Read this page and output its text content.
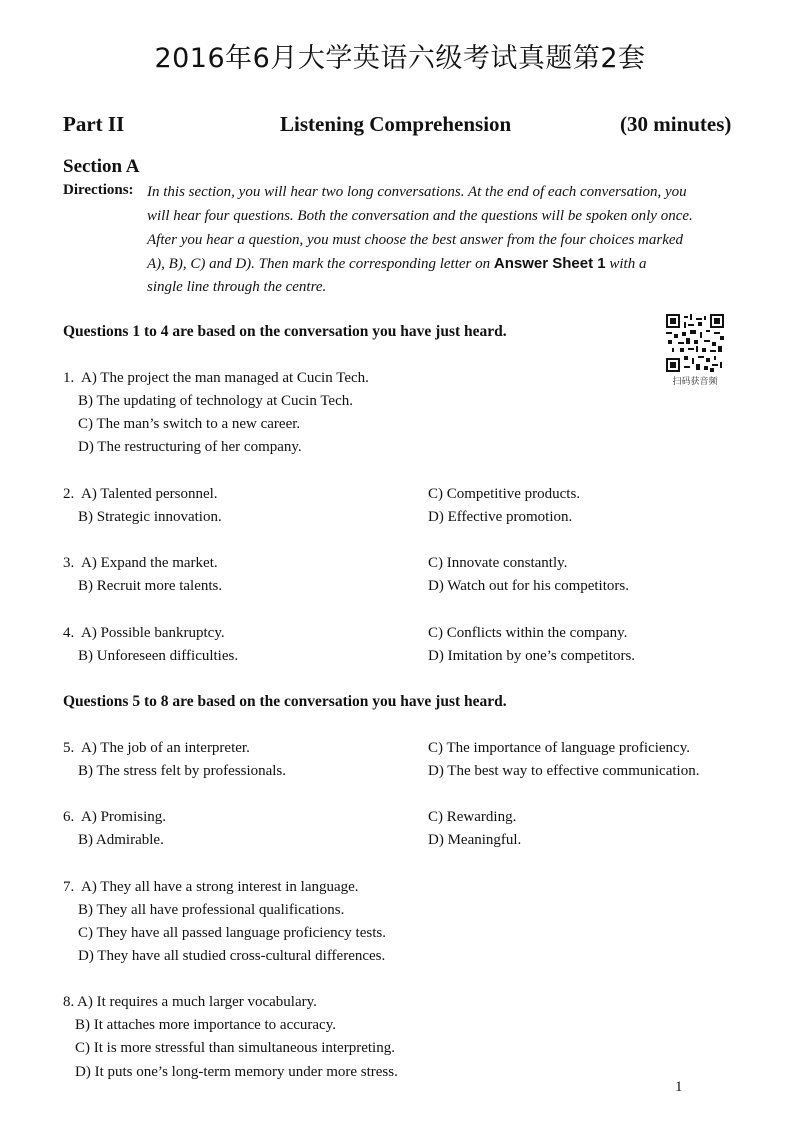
2016年6月大学英语六级考试真题第2套
Part II	Listening Comprehension	(30 minutes)
Section A
Directions: In this section, you will hear two long conversations. At the end of each conversation, you
will hear four questions. Both the conversation and the questions will be spoken only once.
After you hear a question, you must choose the best answer from the four choices marked
A), B), C) and D). Then mark the corresponding letter on Answer Sheet 1 with a
single line through the centre.
Questions 1 to 4 are based on the conversation you have just heard.
扫码获音频
1. A) The project the man managed at Cucin Tech.
B) The updating of technology at Cucin Tech.
C) The man’s switch to a new career.
D) The restructuring of her company.
2. A) Talented personnel.	C) Competitive products.
B) Strategic innovation.	D) Effective promotion.
3. A) Expand the market.	C) Innovate constantly.
B) Recruit more talents.	D) Watch out for his competitors.
4. A) Possible bankruptcy.	C) Conflicts within the company.
B) Unforeseen difficulties.	D) Imitation by one’s competitors.
Questions 5 to 8 are based on the conversation you have just heard.
5. A) The job of an interpreter.	C) The importance of language proficiency.
B) The stress felt by professionals.	D) The best way to effective communication.
6. A) Promising.	C) Rewarding.
B) Admirable.	D) Meaningful.
7. A) They all have a strong interest in language.
B) They all have professional qualifications.
C) They have all passed language proficiency tests.
D) They have all studied cross-cultural differences.
8. A) It requires a much larger vocabulary.
B) It attaches more importance to accuracy.
C) It is more stressful than simultaneous interpreting.
D) It puts one’s long-term memory under more stress.
1
